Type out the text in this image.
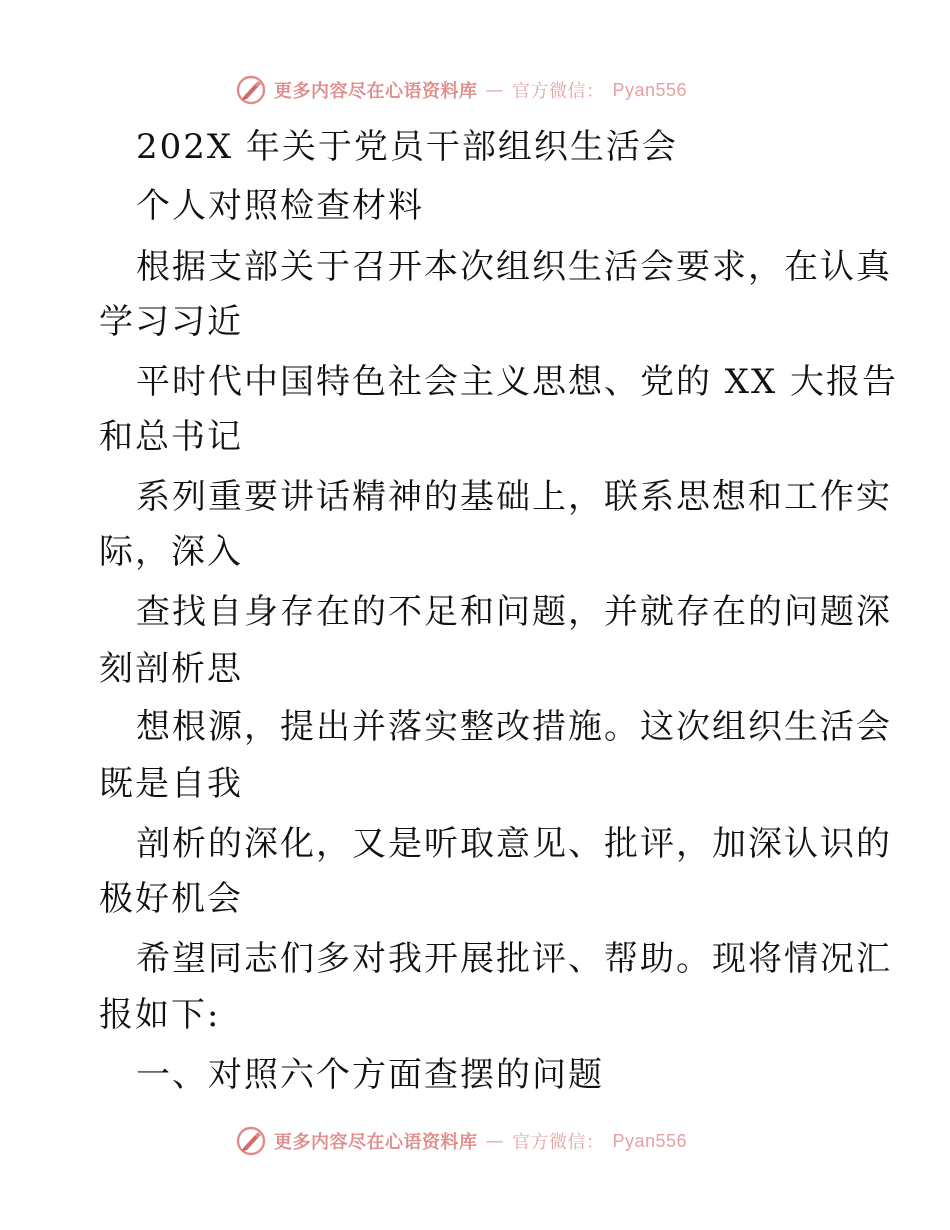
更多内容尽在心语资料库 — 官方微信： Pyan556
202X 年关于党员干部组织生活会
个人对照检查材料
根据支部关于召开本次组织生活会要求，在认真
学习习近
平时代中国特色社会主义思想、党的 XX 大报告
和总书记
系列重要讲话精神的基础上，联系思想和工作实
际，深入
查找自身存在的不足和问题，并就存在的问题深
刻剖析思
想根源，提出并落实整改措施。这次组织生活会
既是自我
剖析的深化，又是听取意见、批评，加深认识的
极好机会
希望同志们多对我开展批评、帮助。现将情况汇
报如下:
一、对照六个方面查摆的问题
更多内容尽在心语资料库 — 官方微信： Pyan556
